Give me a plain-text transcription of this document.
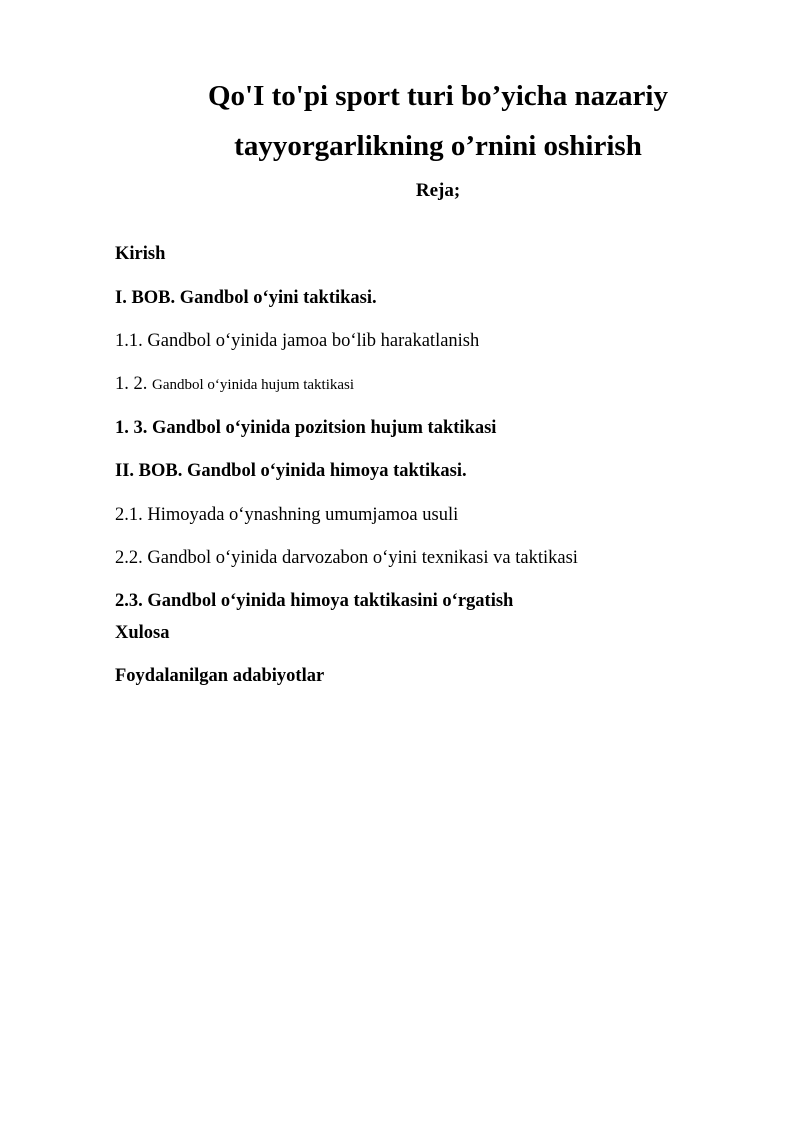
Qo'I to'pi sport turi bo’yicha nazariy
tayyorgarlikning o’rnini oshirish
Reja;
Kirish
I. BOB. Gandbol o‘yini taktikasi.
1.1. Gandbol o‘yinida jamoa bo‘lib harakatlanish
1. 2. Gandbol o‘yinida hujum taktikasi
1. 3. Gandbol o‘yinida pozitsion hujum taktikasi
II. BOB. Gandbol o‘yinida himoya taktikasi.
2.1. Himoyada o‘ynashning umumjamoa usuli
2.2. Gandbol o‘yinida darvozabon o‘yini texnikasi va taktikasi
2.3. Gandbol o‘yinida himoya taktikasini o‘rgatish
Xulosa
Foydalanilgan adabiyotlar
